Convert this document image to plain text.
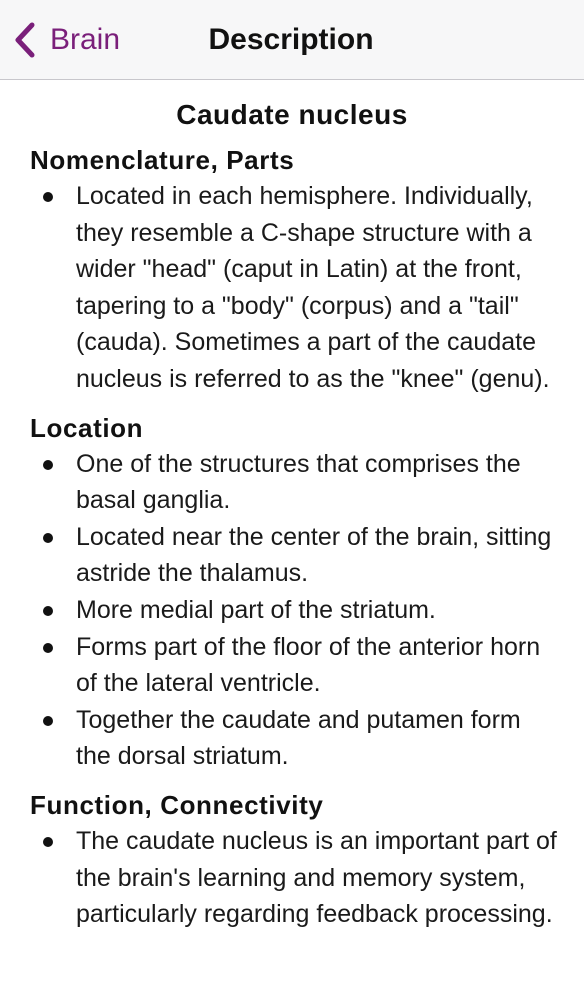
Brain	Description
Caudate nucleus
Nomenclature, Parts
Located in each hemisphere. Individually, they resemble a C-shape structure with a wider "head" (caput in Latin) at the front, tapering to a "body" (corpus) and a "tail" (cauda). Sometimes a part of the caudate nucleus is referred to as the "knee" (genu).
Location
One of the structures that comprises the basal ganglia.
Located near the center of the brain, sitting astride the thalamus.
More medial part of the striatum.
Forms part of the floor of the anterior horn of the lateral ventricle.
Together the caudate and putamen form the dorsal striatum.
Function, Connectivity
The caudate nucleus is an important part of the brain's learning and memory system, particularly regarding feedback processing.
